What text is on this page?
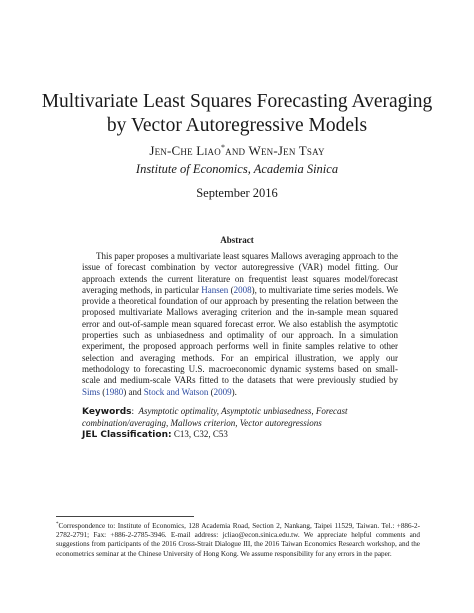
Multivariate Least Squares Forecasting Averaging
by Vector Autoregressive Models
Jen-Che Liao*and Wen-Jen Tsay
Institute of Economics, Academia Sinica
September 2016
Abstract

This paper proposes a multivariate least squares Mallows averaging approach to the issue of forecast combination by vector autoregressive (VAR) model fitting. Our approach extends the current literature on frequentist least squares model/forecast averaging methods, in particular Hansen (2008), to multivariate time series models. We provide a theoretical foundation of our approach by presenting the relation between the proposed multivariate Mallows averaging criterion and the in-sample mean squared error and out-of-sample mean squared forecast error. We also establish the asymptotic properties such as unbiasedness and optimality of our approach. In a simulation experiment, the proposed approach performs well in finite samples relative to other selection and averaging methods. For an empirical illustration, we apply our methodology to forecasting U.S. macroeconomic dynamic systems based on small-scale and medium-scale VARs fitted to the datasets that were previously studied by Sims (1980) and Stock and Watson (2009).

Keywords: Asymptotic optimality, Asymptotic unbiasedness, Forecast combination/averaging, Mallows criterion, Vector autoregressions

JEL Classification: C13, C32, C53

*Correspondence to: Institute of Economics, 128 Academia Road, Section 2, Nankang, Taipei 11529, Taiwan. Tel.: +886-2-2782-2791; Fax: +886-2-2785-3946. E-mail address: jcliao@econ.sinica.edu.tw. We appreciate helpful comments and suggestions from participants of the 2016 Cross-Strait Dialogue III, the 2016 Taiwan Economics Research workshop, and the econometrics seminar at the Chinese University of Hong Kong. We assume responsibility for any errors in the paper.
